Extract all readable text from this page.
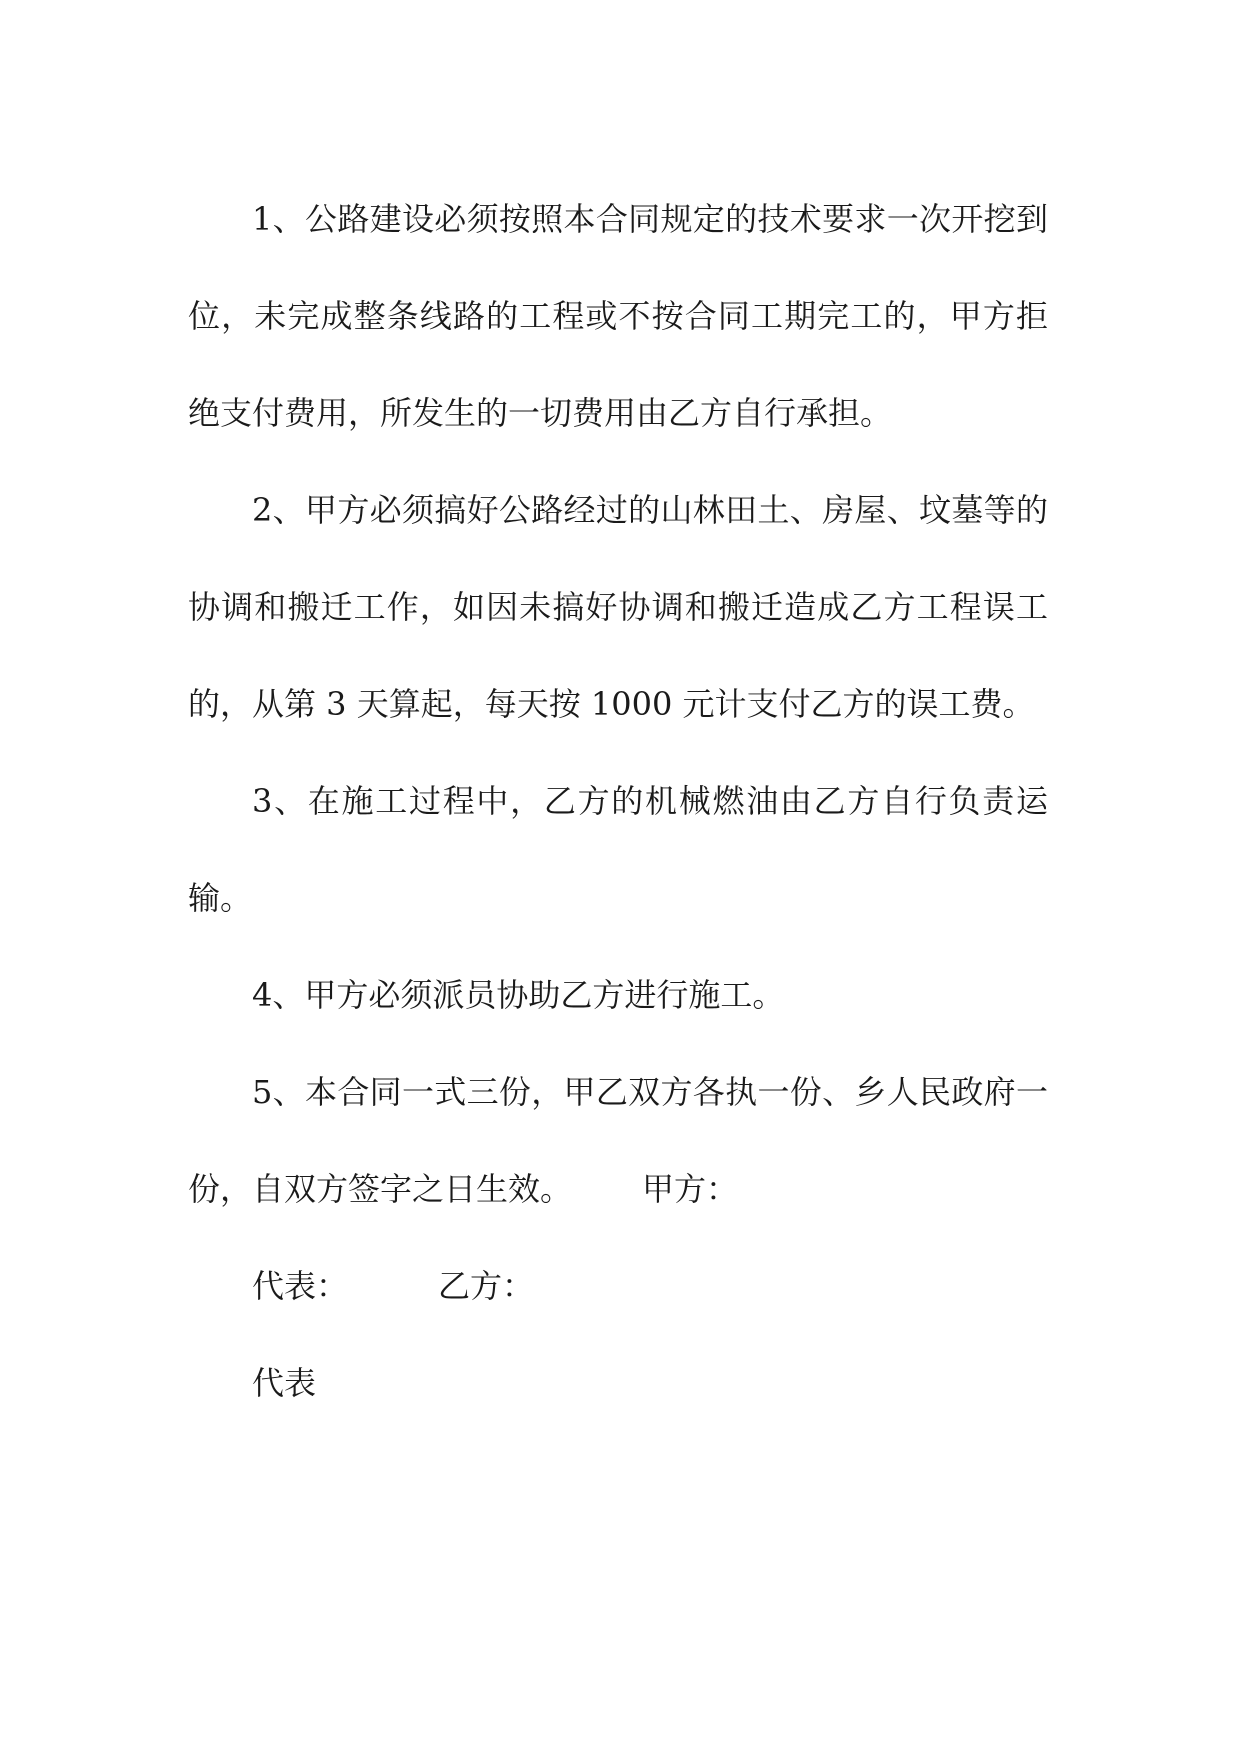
1、公路建设必须按照本合同规定的技术要求一次开挖到位，未完成整条线路的工程或不按合同工期完工的，甲方拒绝支付费用，所发生的一切费用由乙方自行承担。

2、甲方必须搞好公路经过的山林田土、房屋、坟墓等的协调和搬迁工作，如因未搞好协调和搬迁造成乙方工程误工的，从第 3 天算起，每天按 1000 元计支付乙方的误工费。

3、在施工过程中，乙方的机械燃油由乙方自行负责运输。

4、甲方必须派员协助乙方进行施工。

5、本合同一式三份，甲乙双方各执一份、乡人民政府一份，自双方签字之日生效。 甲方：

代表：	乙方：

代表
